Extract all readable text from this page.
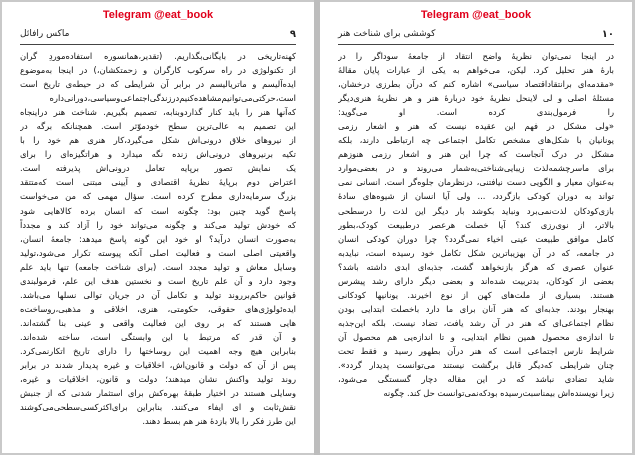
Telegram @eat_book
۹
ماکس رافائل
کهنه‌تاریخی در بایگانی‌بگذاریم. (تقدیر،‌همانسوره استفاده‌موردِ گران
از تکنولوژی در راه سرکوب کارگران و زحمتکشان،) در اینجا به‌موضوع
ایده‌آلیسم و ماتریالیسم در برابر آن شرایطی که در حیطه‌ی تاریخ است
است،حرکتی‌می‌توانیم‌مشاهده‌کنیم‌در‌زندگی‌اجتماعی‌وسیاسی،دورانی‌داره
که‌آنها هنر را باید کنار گذاردو‌بنابه، تصمیم بگیریم. شناخت هنر دراینجاه
این تصمیم به عالی‌ترین سطح خود‌موّثر است. همچنانکه برگه در
از نیروهای خلاق درونی‌اش شکل می‌گیرد،کار هنری هم خود را با
تکیه برنیروهای درونی‌اش زنده نگه میدارد و هراتگیزه‌ای را برای
یک نمایش تصور برپایه تعامل درونی‌اش پذیرفته است.
اعتراض دوم برپایهٔ نظریهٔ اقتصادی و آیینی مبتنی است که‌متتقد
بزرگ سرمایه‌داری مطرح کرده است. سؤال مهمی که من می‌خواست
پاسخ گوید چنین بود: چگونه است که انسان برده کالاهایی شود
که خودش تولید می‌کند و چگونه می‌تواند خود را آزاد کند و مجدداً
به‌صورت انسان درآید؟ او خود این گونه پاسخ میدهد: جامعهٔ انسان،
واقعیتی اصلی است و فعالیت اصلی آنکه پیوسته تکرار می‌شود،تولید
وسایل معاش و تولید مجدد است. (برای شناخت جامعه) تنها باید علم
وجود دارد و آن علم تاریخ است و نخستین هدف این علم، فرمولبندی
قوانین حاکم‌بر‌روند تولید و تکامل آن در جریان توالی نسلها می‌باشد.
ایده‌ئولوژی‌های حقوقی، حکومتی، هنری، اخلاقی و مذهبی،روساخت‌ه
هایی هستند که بر روی این فعالیت واقعی و عینی بنا گشته‌اند.
و آن قدر که مرتبط با این وابستگی است، ساخته شده‌اند.
بنابراین هیچ وجه اهمیت این روساختها را دارای تاریخ اتکارنمی‌کرد.
پس از آن که دولت و قانون‌اش، اخلاقیات و غیره پدیدار شدند در برابر
روند تولید واکنش نشان میدهند؛ دولت و قانون، اخلاقیات و غیره،
وسایلی هستند در اختیار طبقهٔ بهره‌کش برای استثمار شدنی که از جنبش
نقش‌ثابت و ای ایفاء می‌کنند. بنابراین برای‌اکثر‌کسی‌سطحی‌می‌کوشند
این طرز فکر را بالا بازدهٔ هنر هم بسط دهند.
Telegram @eat_book
۱۰
کوششی برای شناخت هنر
در اینجا نمی‌توان نظریهٔ واضح انتقاد از جامعهٔ سوداگر را در
بارهٔ هنر تحلیل کرد. لیکن، می‌خواهم به یکی از عبارات پایان مقالهٔ
«مقدمه‌ای برانتقاداقتصاد سیاسی» اشاره کنم که درآن بطرزی درخشان،
مسئلهٔ اصلی و لی لاینحل نظریهٔ خود دربارهٔ هنر و هر نظریهٔ هنری‌دیگر
را فرمول‌بندی کرده است. او می‌گوید:
«ولی مشکل در فهم این عقیده نیست که هنر و اشعار رزمی
یونانیان با شکل‌های مشخص تکامل اجتماعی چه ارتباطی دارند، بلکه
مشکل در درک آنجاست که چرا این هنر و اشعار رزمی هنوزهم
برای ماسرچشمه‌لذت زیبایی‌شناختی‌به‌شمار می‌روند و در بعضی‌موارد
به‌عنوان معیار و الگویی دست نیافتنی، درنظرمان جلوه‌گر است. انسانی نمی
تواند به دوران کودکی بازگردد، ... ولی آیا انسان از شیوه‌های سادهٔ
بازی‌کودکان لذت‌نمی‌برد و‌نباید بکوشد بار دیگر این لذت را درسطحی
بالاتر، از نوی‌رزی کند؟ آیا خصلت هرعصر درطبیعت کودک،بطور
کامل موافق طبیعت عینی اخیاء نمی‌گردد؟ چرا دوران کودکی انسان
در جامعه، که در آن بهزیباترین شکل تکامل خود رسیده است، نبایدبه
عنوان عصری که هرگز بازنخواهد گشت، جذبه‌ای ابدی داشته باشد؟
بعضی از کودکان، بدتربیت شده‌اند و بعضی دیگر دارای رشد پیشرس
هستند. بسیاری از ملت‌های کهن از نوع اخیرند. یونانیها کودکانی
بهنجار بودند. جذبه‌ای که هنر آنان برای ما دارد با‌خصلت ابتدایی بودن
نظام اجتماعی‌ای که هنر در آن رشد یافت، تضاد نیست. بلکه این‌جذبه
تا اندازه‌ی محصول همین نظام ابتدایی، و تا اندازه‌یی هم محصول آن
شرایط نارس اجتماعی است که هنر درآن بطهور رسید و فقط تحت
چنان شرایطی که‌دیگر قابل برگشت نیستند می‌توانست پدیدار گردد».
شاید تضادی نباشد که در این مقاله دچار گسستگی می‌شود،
زیرا نویسنده‌اش بیمناسبت‌رسیده بودکه‌نمی‌توانست حل کند. چگونه
